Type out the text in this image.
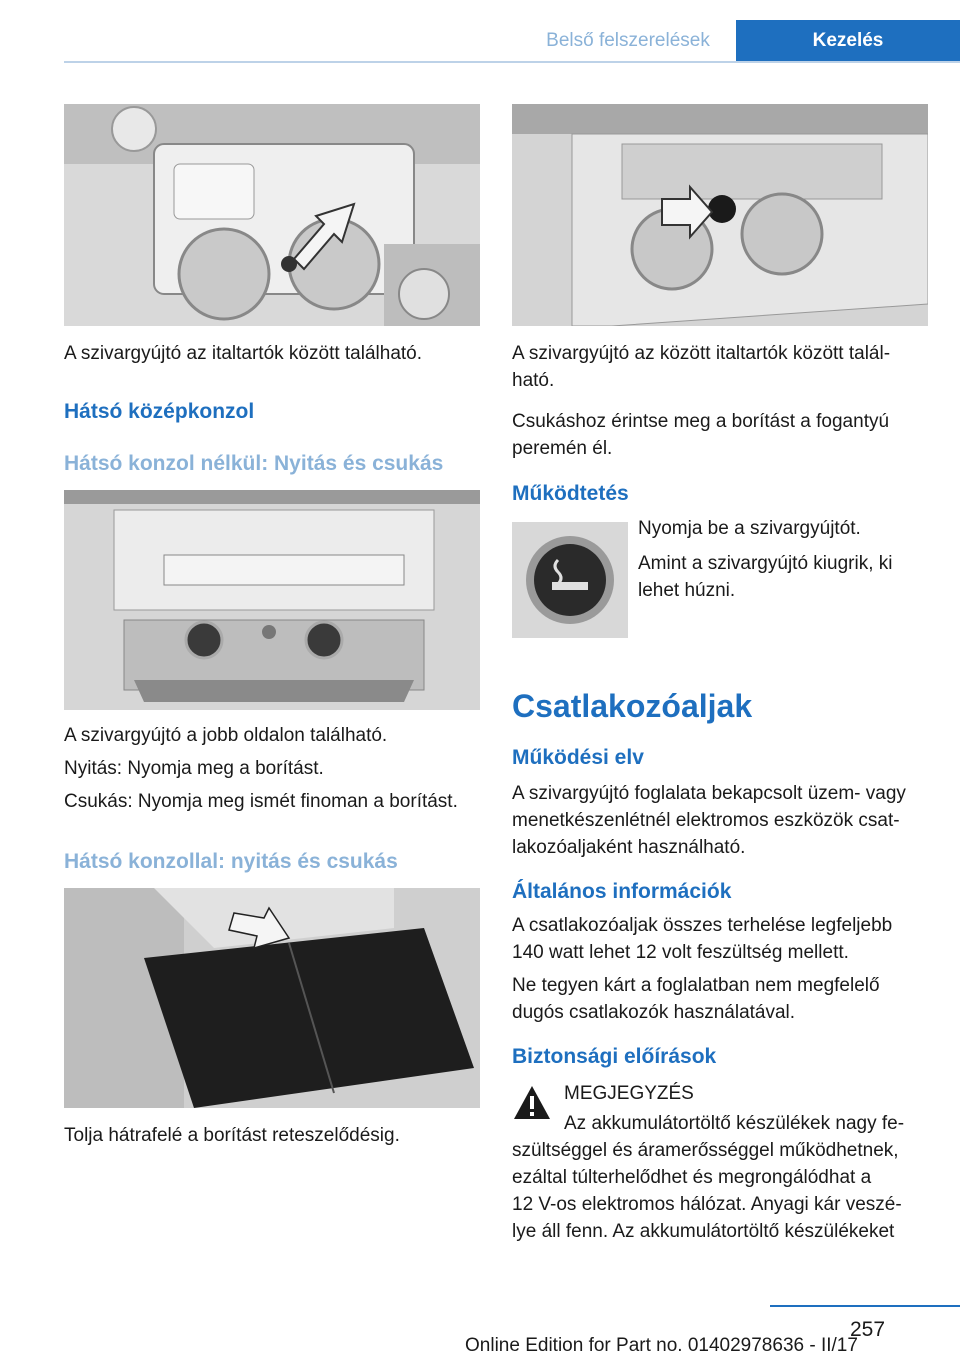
Belső felszerelések	Kezelés
A szivargyújtó az italtartók között található.
Hátsó középkonzol
Hátsó konzol nélkül: Nyitás és csukás
A szivargyújtó a jobb oldalon található.
Nyitás: Nyomja meg a borítást.
Csukás: Nyomja meg ismét finoman a borítást.
Hátsó konzollal: nyitás és csukás
Tolja hátrafelé a borítást reteszelődésig.
A szivargyújtó az között italtartók között talál-
ható.
Csukáshoz érintse meg a borítást a fogantyú
peremén él.
Működtetés
Nyomja be a szivargyújtót.
Amint a szivargyújtó kiugrik, ki
lehet húzni.
Csatlakozóaljak
Működési elv
A szivargyújtó foglalata bekapcsolt üzem- vagy
menetkészenlétnél elektromos eszközök csat-
lakozóaljaként használható.
Általános információk
A csatlakozóaljak összes terhelése legfeljebb
140 watt lehet 12 volt feszültség mellett.
Ne tegyen kárt a foglalatban nem megfelelő
dugós csatlakozók használatával.
Biztonsági előírások
MEGJEGYZÉS
Az akkumulátortöltő készülékek nagy fe-
szültséggel és áramerősséggel működhetnek,
ezáltal túlterhelődhet és megrongálódhat a
12 V-os elektromos hálózat. Anyagi kár veszé-
lye áll fenn. Az akkumulátortöltő készülékeket
257
Online Edition for Part no. 01402978636 - II/17
